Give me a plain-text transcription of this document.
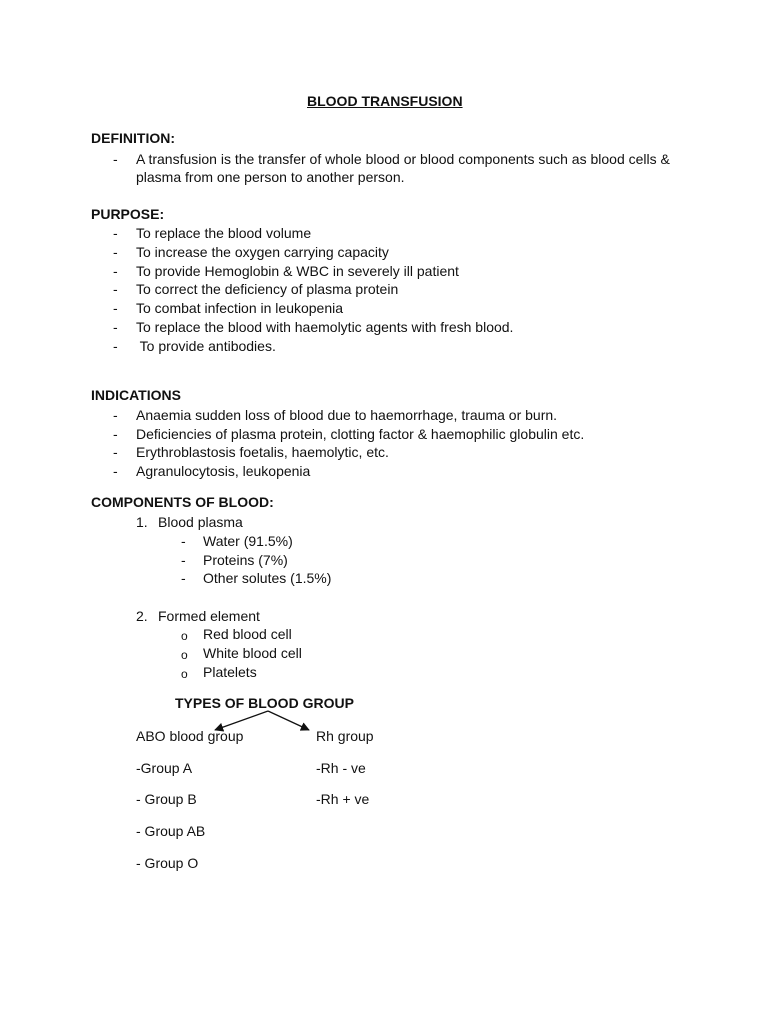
BLOOD TRANSFUSION
DEFINITION:
- A transfusion is the transfer of whole blood or blood components such as blood cells &
plasma from one person to another person.
PURPOSE:
- To replace the blood volume
- To increase the oxygen carrying capacity
- To provide Hemoglobin & WBC in severely ill patient
- To correct the deficiency of plasma protein
- To combat infection in leukopenia
- To replace the blood with haemolytic agents with fresh blood.
- To provide antibodies.
INDICATIONS
- Anaemia sudden loss of blood due to haemorrhage, trauma or burn.
- Deficiencies of plasma protein, clotting factor & haemophilic globulin etc.
- Erythroblastosis foetalis, haemolytic, etc.
- Agranulocytosis, leukopenia
COMPONENTS OF BLOOD:
1. Blood plasma
- Water (91.5%)
- Proteins (7%)
- Other solutes (1.5%)
2. Formed element
o Red blood cell
o White blood cell
o Platelets
TYPES OF BLOOD GROUP
ABO blood group	Rh group
-Group A	-Rh - ve
- Group B	-Rh + ve
- Group AB
- Group O
